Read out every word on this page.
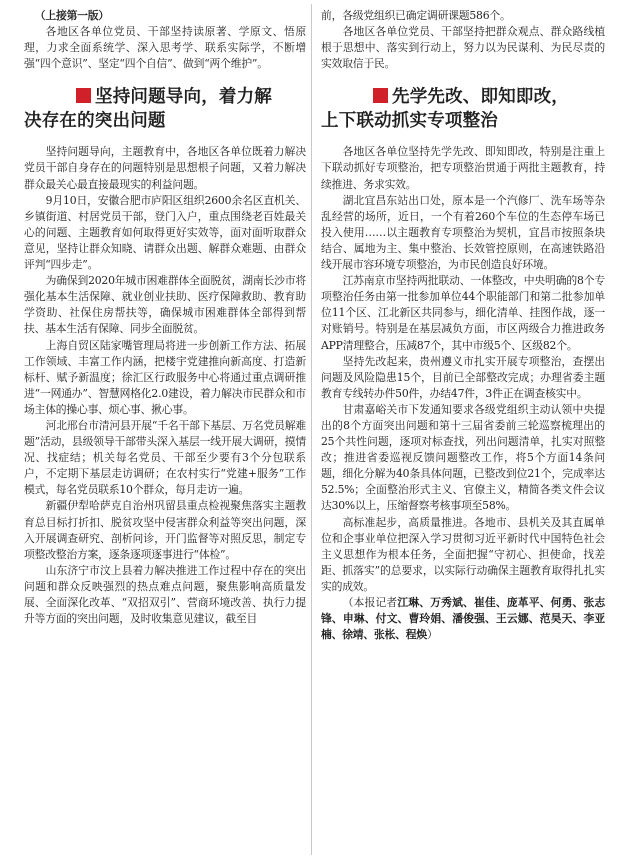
（上接第一版）

各地区各单位党员、干部坚持读原著、学原文、悟原理，力求全面系统学、深入思考学、联系实际学，不断增强“四个意识”、坚定“四个自信”、做到“两个维护”。

坚持问题导向，着力解
决存在的突出问题

坚持问题导向，主题教育中，各地区各单位既着力解决党员干部自身存在的问题特别是思想根子问题，又着力解决群众最关心最直接最现实的利益问题。

9月10日，安徽合肥市庐阳区组织2600余名区直机关、乡镇街道、村居党员干部，登门入户，重点围绕老百姓最关心的问题、主题教育如何取得更好实效等，面对面听取群众意见，坚持让群众知晓、请群众出题、解群众难题、由群众评判“四步走”。

为确保到2020年城市困难群体全面脱贫，湖南长沙市将强化基本生活保障、就业创业扶助、医疗保障救助、教育助学资助、社保住房帮扶等，确保城市困难群体全部得到帮扶、基本生活有保障、同步全面脱贫。

上海自贸区陆家嘴管理局将进一步创新工作方法、拓展工作领域、丰富工作内涵，把楼宇党建推向新高度、打造新标杆、赋予新温度；徐汇区行政服务中心将通过重点调研推进“一网通办”、智慧网格化2.0建设，着力解决市民群众和市场主体的操心事、烦心事、揪心事。

河北邢台市清河县开展“千名干部下基层、万名党员解难题”活动，县级领导干部带头深入基层一线开展大调研，摸情况、找症结；机关每名党员、干部至少要有3个分包联系户，不定期下基层走访调研；在农村实行“党建+服务”工作模式，每名党员联系10个群众，每月走访一遍。

新疆伊犁哈萨克自治州巩留县重点检视聚焦落实主题教育总目标打折扣、脱贫攻坚中侵害群众利益等突出问题，深入开展调查研究、剖析问诊，开门监督等对照反思，制定专项整改整治方案，逐条逐项逐事进行“体检”。

山东济宁市汶上县着力解决推进工作过程中存在的突出问题和群众反映强烈的热点难点问题，聚焦影响高质量发展、全面深化改革、“双招双引”、营商环境改善、执行力提升等方面的突出问题，及时收集意见建议，截至目

前，各级党组织已确定调研课题586个。

各地区各单位党员、干部坚持把群众观点、群众路线植根于思想中、落实到行动上，努力以为民谋利、为民尽责的实效取信于民。

先学先改、即知即改，
上下联动抓实专项整治

各地区各单位坚持先学先改、即知即改，特别是注重上下联动抓好专项整治，把专项整治贯通于两批主题教育，持续推进、务求实效。

湖北宜昌东站出口处，原本是一个汽修厂、洗车场等杂乱经营的场所，近日，一个有着260个车位的生态停车场已投入使用……以主题教育专项整治为契机，宜昌市按照条块结合、属地为主、集中整治、长效管控原则，在高速铁路沿线开展市容环境专项整治，为市民创造良好环境。

江苏南京市坚持两批联动、一体整改，中央明确的8个专项整治任务由第一批参加单位44个职能部门和第二批参加单位11个区、江北新区共同参与，细化清单、挂图作战，逐一对账销号。特别是在基层减负方面，市区两级合力推进政务APP清理整合，压减87个，其中市级5个、区级82个。

坚持先改起来，贵州遵义市扎实开展专项整治，查摆出问题及风险隐患15个，目前已全部整改完成；办理省委主题教育专线转办件50件，办结47件，3件正在调查核实中。

甘肃嘉峪关市下发通知要求各级党组织主动认领中央提出的8个方面突出问题和第十三届省委前三轮巡察梳理出的25个共性问题，逐项对标查找，列出问题清单，扎实对照整改；推进省委巡视反馈问题整改工作，将5个方面14条问题，细化分解为40条具体问题，已整改到位21个，完成率达52.5%；全面整治形式主义、官僚主义，精简各类文件会议达30%以上，压缩督察考核事项至58%。

高标准起步，高质量推进。各地市、县机关及其直属单位和企事业单位把深入学习贯彻习近平新时代中国特色社会主义思想作为根本任务，全面把握“守初心、担使命，找差距、抓落实”的总要求，以实际行动确保主题教育取得扎扎实实的成效。

（本报记者江琳、万秀斌、崔佳、庞革平、何勇、张志锋、申琳、付文、曹玲娟、潘俊强、王云娜、范昊天、李亚楠、徐靖、张枨、程焕）
